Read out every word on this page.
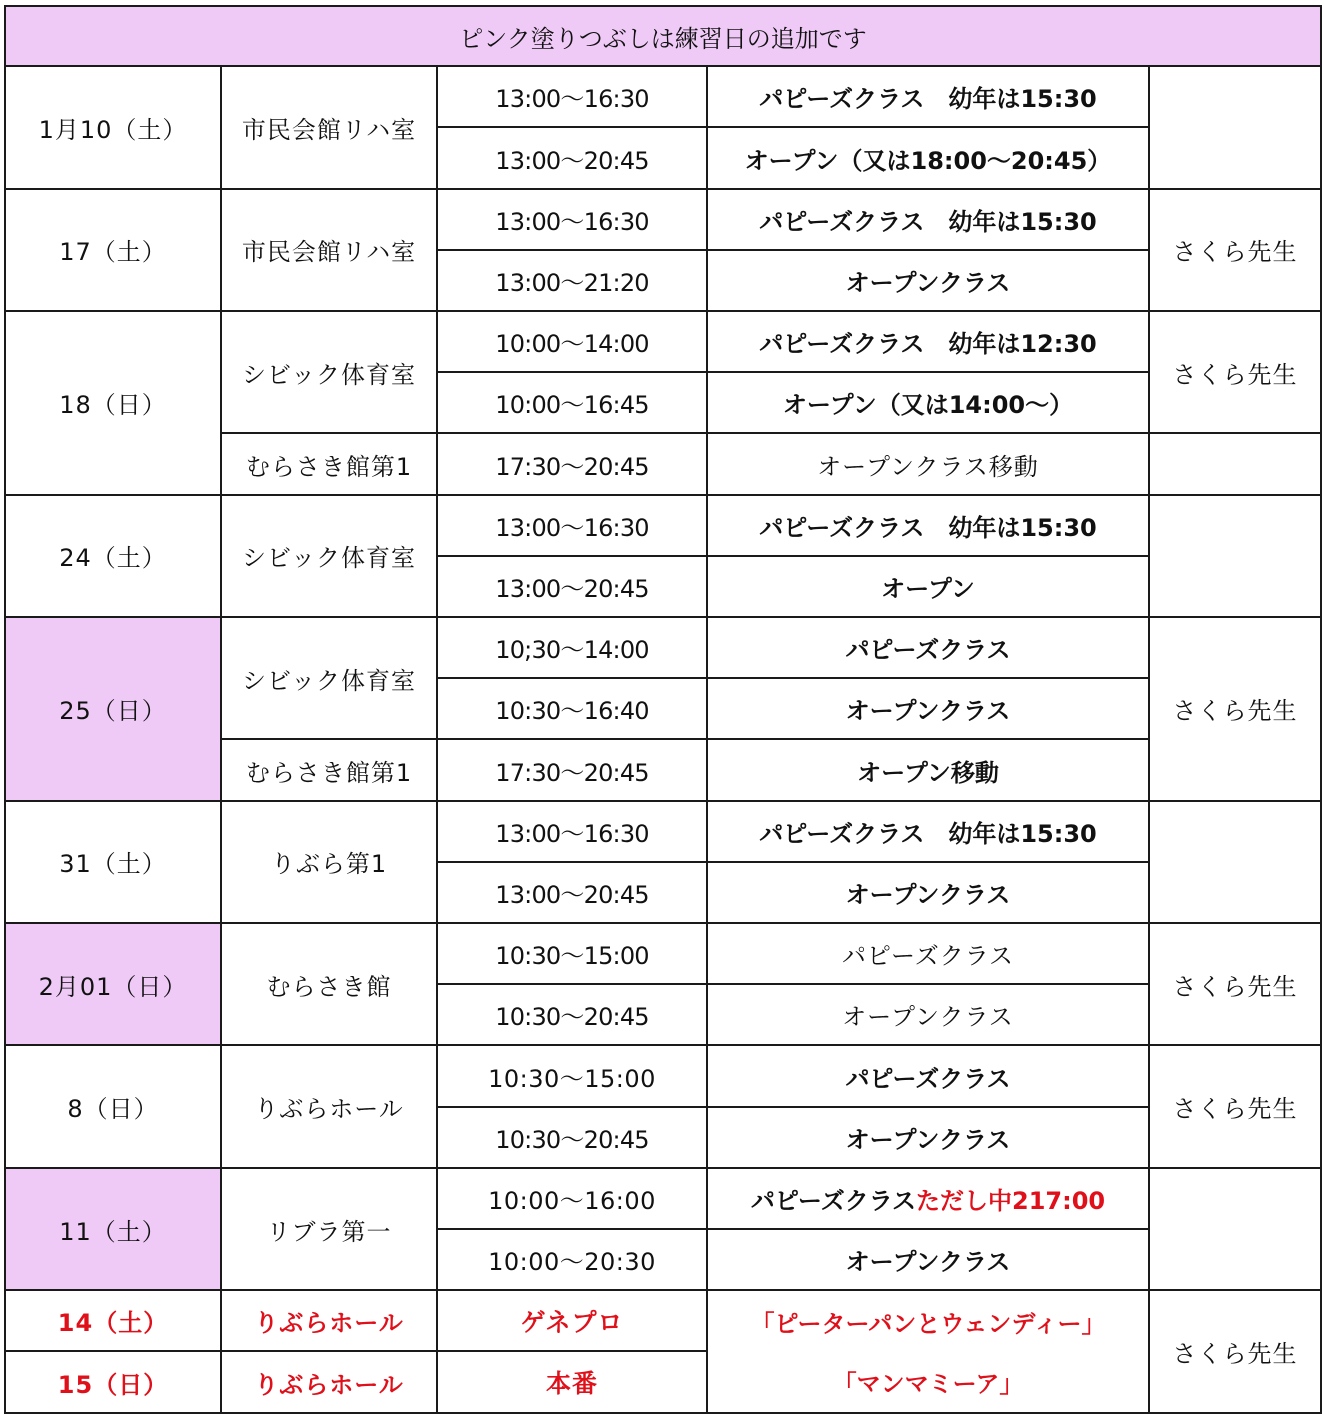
ピンク塗りつぶしは練習日の追加です				
1月10（土）	市民会館リハ室	13:00～16:30	パピーズクラス　幼年は15:30	
		13:00～20:45	オープン（又は18:00～20:45）	
17（土）	市民会館リハ室	13:00～16:30	パピーズクラス　幼年は15:30	さくら先生
		13:00～21:20	オープンクラス	
18（日）	シビック体育室	10:00～14:00	パピーズクラス　幼年は12:30	さくら先生
		10:00～16:45	オープン（又は14:00～）	
	むらさき館第1	17:30～20:45	オープンクラス移動	
24（土）	シビック体育室	13:00～16:30	パピーズクラス　幼年は15:30	
		13:00～20:45	オープン	
25（日）	シビック体育室	10;30～14:00	パピーズクラス	さくら先生
		10:30～16:40	オープンクラス	
	むらさき館第1	17:30～20:45	オープン移動	
31（土）	りぶら第1	13:00～16:30	パピーズクラス　幼年は15:30	
		13:00～20:45	オープンクラス	
2月01（日）	むらさき館	10:30～15:00	パピーズクラス	さくら先生
		10:30～20:45	オープンクラス	
8（日）	りぶらホール	10:30～15:00	パピーズクラス	さくら先生
		10:30～20:45	オープンクラス	
11（土）	リブラ第一	10:00～16:00	パピーズクラスただし中217:00	
		10:00～20:30	オープンクラス	
14（土）	りぶらホール	ゲネプロ	「ピーターパンとウェンディー」	さくら先生
15（日）	りぶらホール	本番	「マンマミーア」	
